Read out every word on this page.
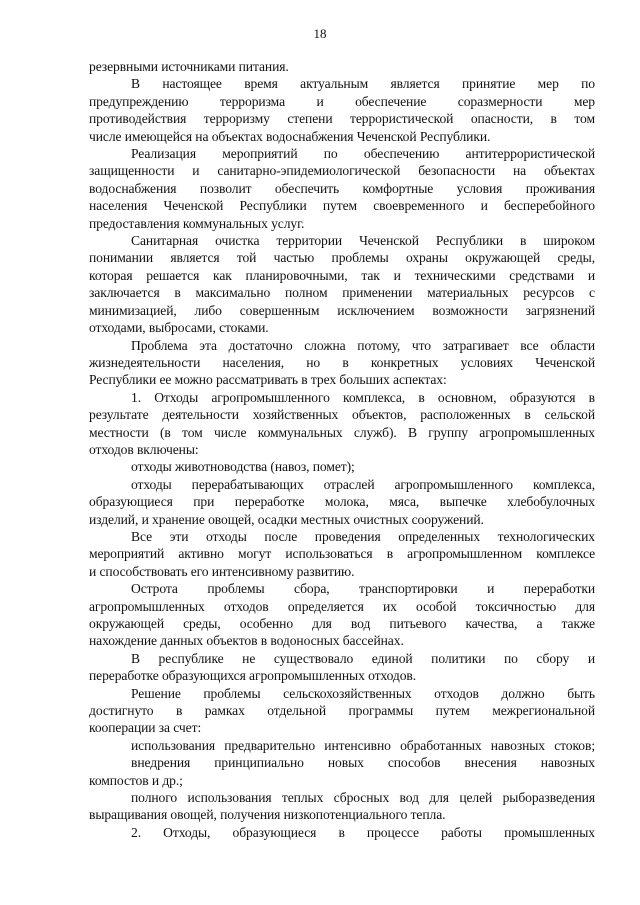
18

резервными источниками питания.

В настоящее время актуальным является принятие мер по

предупреждению терроризма и обеспечение соразмерности мер

противодействия терроризму степени террористической опасности, в том

числе имеющейся на объектах водоснабжения Чеченской Республики.

Реализация мероприятий по обеспечению антитеррористической

защищенности и санитарно-эпидемиологической безопасности на объектах

водоснабжения позволит обеспечить комфортные условия проживания

населения Чеченской Республики путем своевременного и бесперебойного

предоставления коммунальных услуг.

Санитарная очистка территории Чеченской Республики в широком

понимании является той частью проблемы охраны окружающей среды,

которая решается как планировочными, так и техническими средствами и

заключается в максимально полном применении материальных ресурсов с

минимизацией, либо совершенным исключением возможности загрязнений

отходами, выбросами, стоками.

Проблема эта достаточно сложна потому, что затрагивает все области

жизнедеятельности населения, но в конкретных условиях Чеченской

Республики ее можно рассматривать в трех больших аспектах:

1. Отходы агропромышленного комплекса, в основном, образуются в

результате деятельности хозяйственных объектов, расположенных в сельской

местности (в том числе коммунальных служб). В группу агропромышленных

отходов включены:

отходы животноводства (навоз, помет);

отходы перерабатывающих отраслей агропромышленного комплекса,

образующиеся при переработке молока, мяса, выпечке хлебобулочных

изделий, и хранение овощей, осадки местных очистных сооружений.

Все эти отходы после проведения определенных технологических

мероприятий активно могут использоваться в агропромышленном комплексе

и способствовать его интенсивному развитию.

Острота проблемы сбора, транспортировки и переработки

агропромышленных отходов определяется их особой токсичностью для

окружающей среды, особенно для вод питьевого качества, а также

нахождение данных объектов в водоносных бассейнах.

В республике не существовало единой политики по сбору и

переработке образующихся агропромышленных отходов.

Решение проблемы сельскохозяйственных отходов должно быть

достигнуто в рамках отдельной программы путем межрегиональной

кооперации за счет:

использования предварительно интенсивно обработанных навозных стоков;

внедрения принципиально новых способов внесения навозных

компостов и др.;

полного использования теплых сбросных вод для целей рыборазведения

выращивания овощей, получения низкопотенциального тепла.

2. Отходы, образующиеся в процессе работы промышленных
